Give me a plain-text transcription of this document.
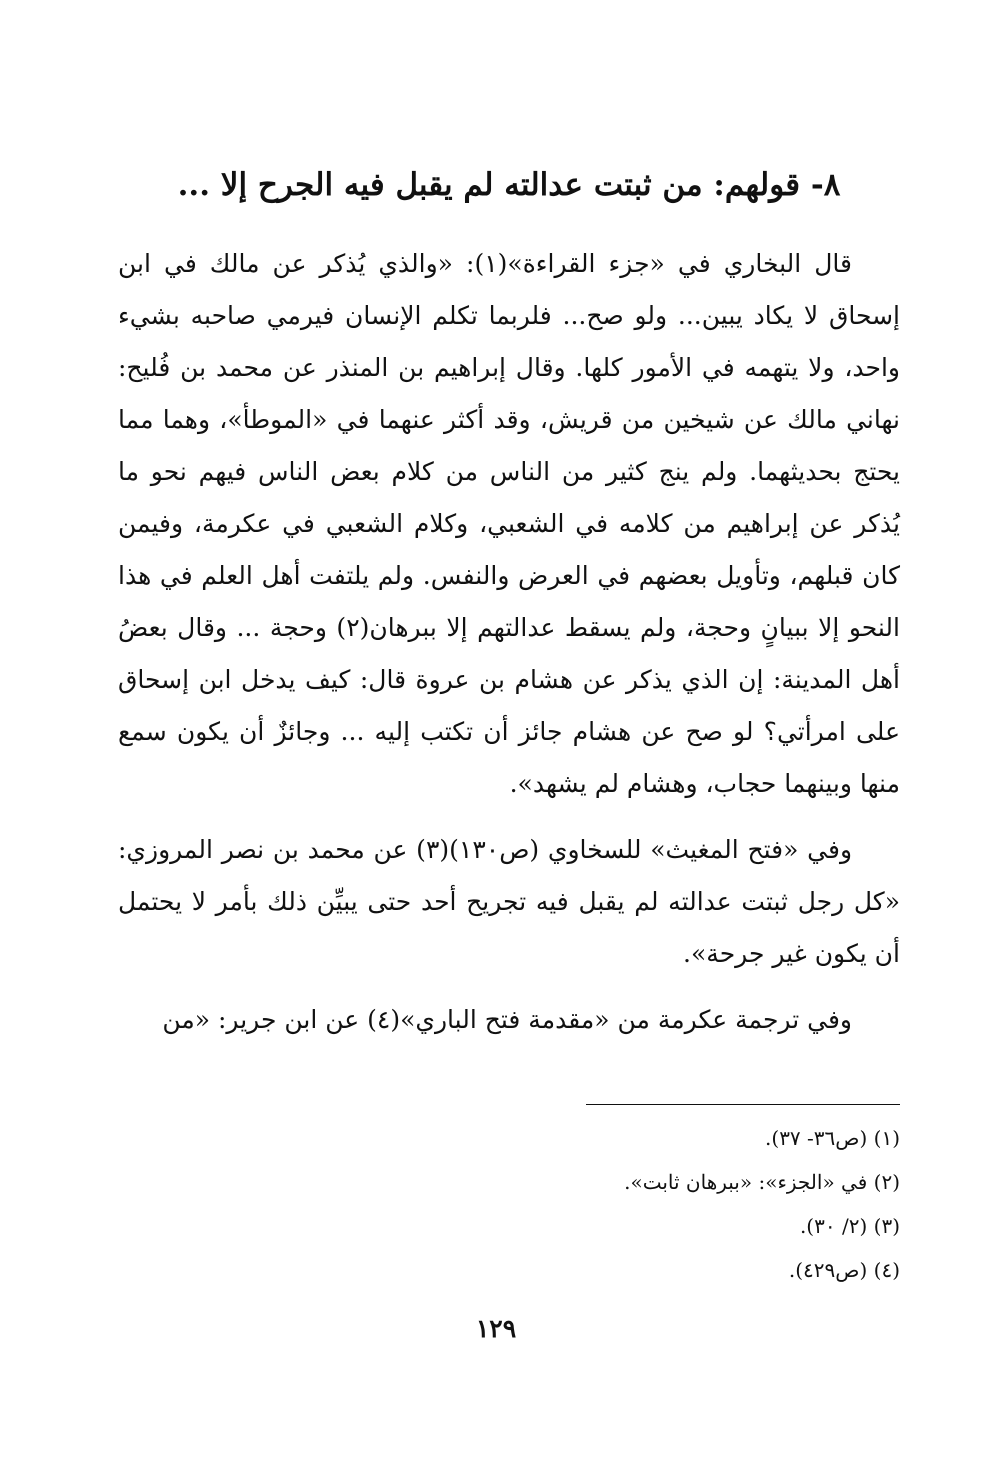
٨- قولهم: من ثبتت عدالته لم يقبل فيه الجرح إلا ...

قال البخاري في «جزء القراءة»(١): «والذي يُذكر عن مالك في ابن إسحاق لا يكاد يبين... ولو صح... فلربما تكلم الإنسان فيرمي صاحبه بشيء واحد، ولا يتهمه في الأمور كلها. وقال إبراهيم بن المنذر عن محمد بن فُليح: نهاني مالك عن شيخين من قريش، وقد أكثر عنهما في «الموطأ»، وهما مما يحتج بحديثهما. ولم ينج كثير من الناس من كلام بعض الناس فيهم نحو ما يُذكر عن إبراهيم من كلامه في الشعبي، وكلام الشعبي في عكرمة، وفيمن كان قبلهم، وتأويل بعضهم في العرض والنفس. ولم يلتفت أهل العلم في هذا النحو إلا ببيانٍ وحجة، ولم يسقط عدالتهم إلا ببرهان(٢) وحجة ... وقال بعضُ أهل المدينة: إن الذي يذكر عن هشام بن عروة قال: كيف يدخل ابن إسحاق على امرأتي؟ لو صح عن هشام جائز أن تكتب إليه ... وجائزٌ أن يكون سمع منها وبينهما حجاب، وهشام لم يشهد».

وفي «فتح المغيث» للسخاوي (ص١٣٠)(٣) عن محمد بن نصر المروزي: «كل رجل ثبتت عدالته لم يقبل فيه تجريح أحد حتى يبيِّن ذلك بأمر لا يحتمل أن يكون غير جرحة».

وفي ترجمة عكرمة من «مقدمة فتح الباري»(٤) عن ابن جرير: «من

(١) (ص٣٦- ٣٧).

(٢) في «الجزء»: «ببرهان ثابت».

(٣) (٢/ ٣٠).

(٤) (ص٤٢٩).

١٢٩
